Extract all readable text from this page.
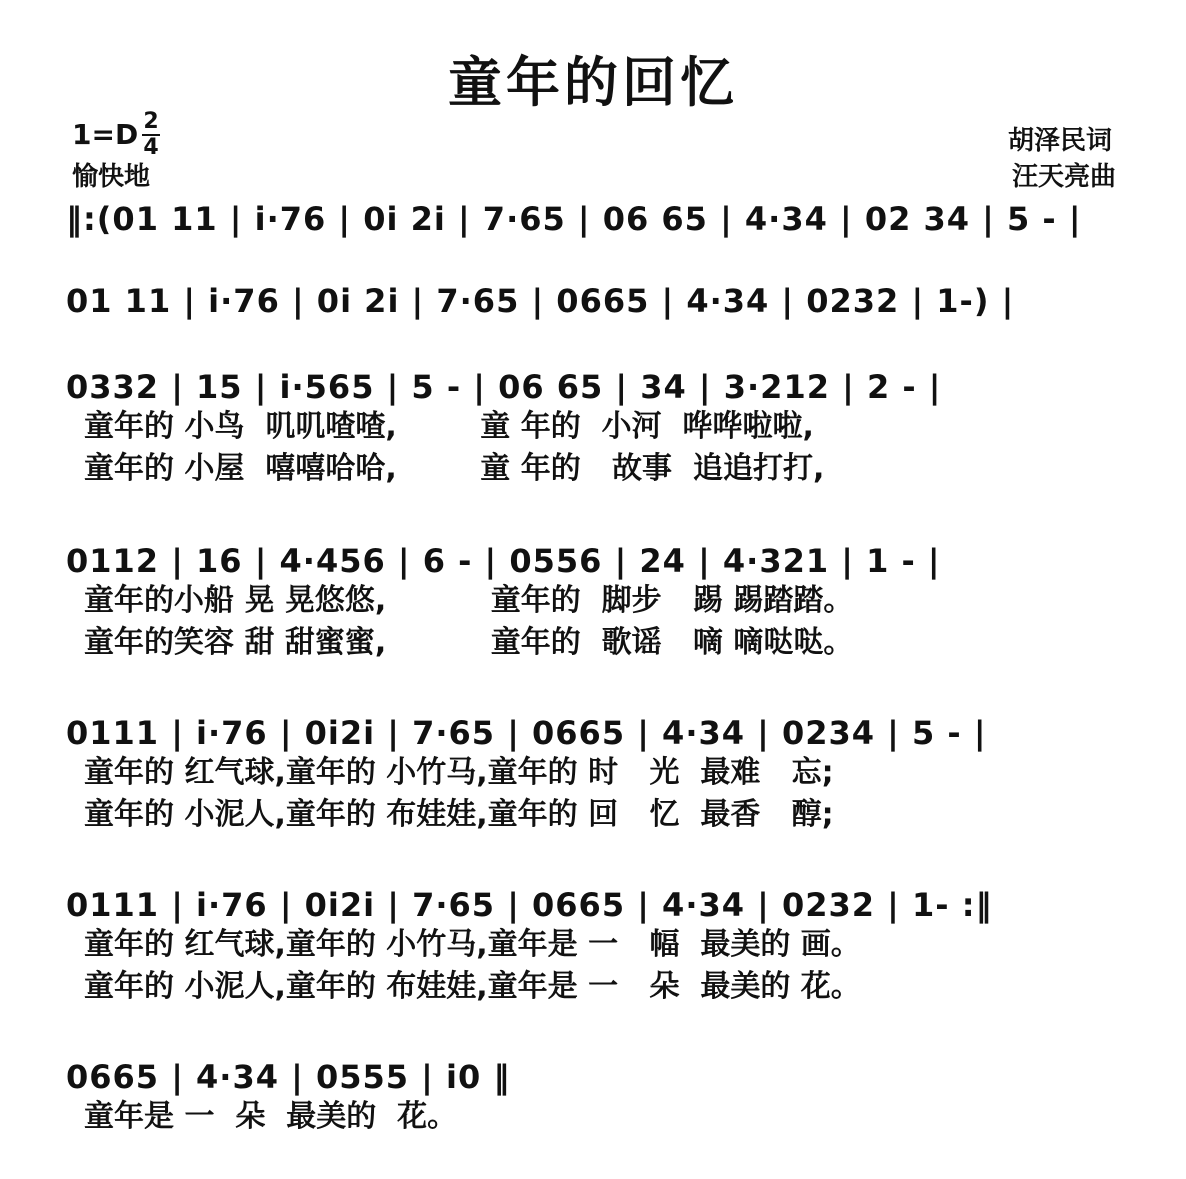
童年的回忆
1=D 2
4
愉快地
胡泽民词
汪天亮曲
‖:(01 11 | i·76 | 0i 2i | 7·65 | 06 65 | 4·34 | 02 34 | 5 - |
01 11 | i·76 | 0i 2i | 7·65 | 0665 | 4·34 | 0232 | 1-) |
0332 | 15 | i·565 | 5 - | 06 65 | 34 | 3·212 | 2 - |
童年的 小鸟  叽叽喳喳,        童 年的  小河  哗哗啦啦,
童年的 小屋  嘻嘻哈哈,        童 年的   故事  追追打打,
0112 | 16 | 4·456 | 6 - | 0556 | 24 | 4·321 | 1 - |
童年的小船 晃 晃悠悠,          童年的  脚步   踢 踢踏踏。
童年的笑容 甜 甜蜜蜜,          童年的  歌谣   嘀 嘀哒哒。
0111 | i·76 | 0i2i | 7·65 | 0665 | 4·34 | 0234 | 5 - |
童年的 红气球,童年的 小竹马,童年的 时   光  最难   忘;
童年的 小泥人,童年的 布娃娃,童年的 回   忆  最香   醇;
0111 | i·76 | 0i2i | 7·65 | 0665 | 4·34 | 0232 | 1- :‖
童年的 红气球,童年的 小竹马,童年是 一   幅  最美的 画。
童年的 小泥人,童年的 布娃娃,童年是 一   朵  最美的 花。
0665 | 4·34 | 0555 | i0 ‖
童年是 一  朵  最美的  花。
